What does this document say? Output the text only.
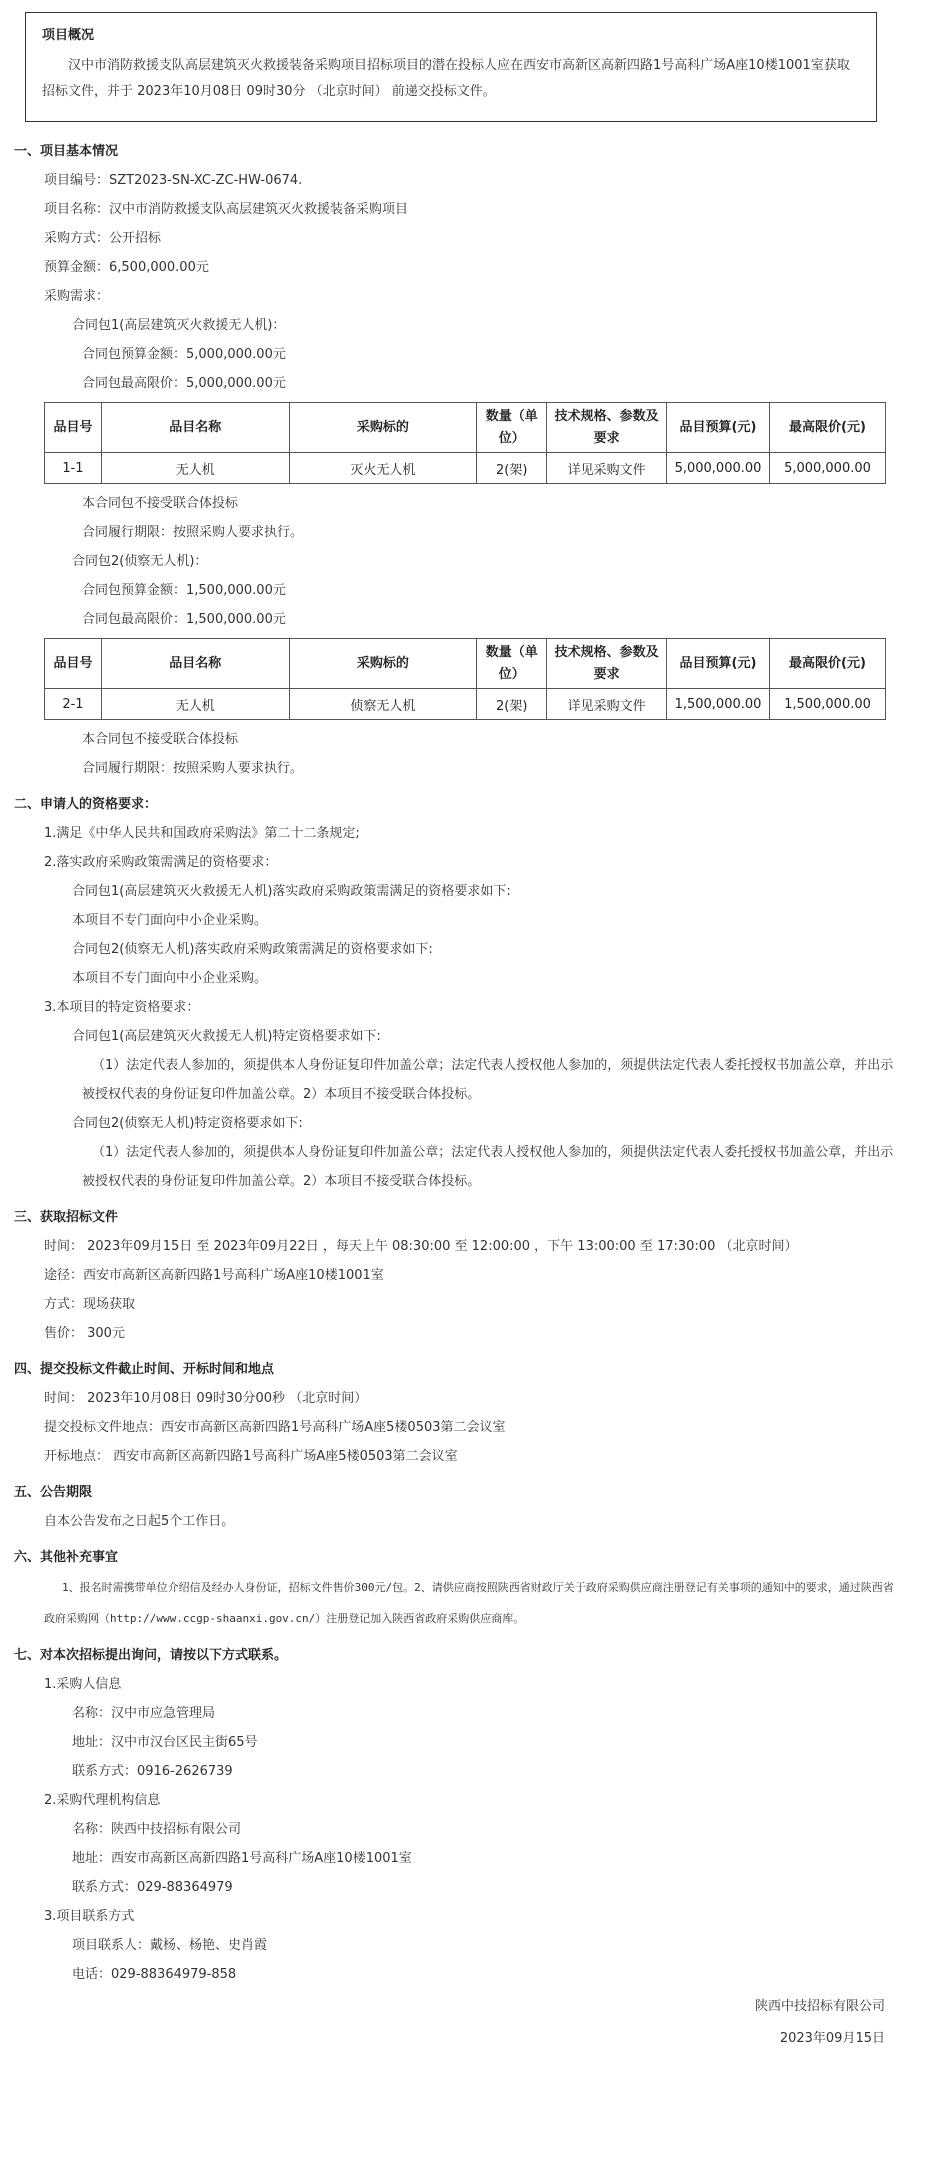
项目概况
汉中市消防救援支队高层建筑灭火救援装备采购项目招标项目的潜在投标人应在西安市高新区高新四路1号高科广场A座10楼1001室获取招标文件，并于 2023年10月08日 09时30分 （北京时间） 前递交投标文件。
一、项目基本情况
项目编号：SZT2023-SN-XC-ZC-HW-0674.
项目名称：汉中市消防救援支队高层建筑灭火救援装备采购项目
采购方式：公开招标
预算金额：6,500,000.00元
采购需求：
合同包1(高层建筑灭火救援无人机)：
合同包预算金额：5,000,000.00元
合同包最高限价：5,000,000.00元
品目号	品目名称	采购标的	数量（单位）	技术规格、参数及要求	品目预算(元)	最高限价(元)
1-1	无人机	灭火无人机	2(架)	详见采购文件	5,000,000.00	5,000,000.00
本合同包不接受联合体投标
合同履行期限：按照采购人要求执行。
合同包2(侦察无人机)：
合同包预算金额：1,500,000.00元
合同包最高限价：1,500,000.00元
品目号	品目名称	采购标的	数量（单位）	技术规格、参数及要求	品目预算(元)	最高限价(元)
2-1	无人机	侦察无人机	2(架)	详见采购文件	1,500,000.00	1,500,000.00
本合同包不接受联合体投标
合同履行期限：按照采购人要求执行。
二、申请人的资格要求：
1.满足《中华人民共和国政府采购法》第二十二条规定;
2.落实政府采购政策需满足的资格要求：
合同包1(高层建筑灭火救援无人机)落实政府采购政策需满足的资格要求如下:
本项目不专门面向中小企业采购。
合同包2(侦察无人机)落实政府采购政策需满足的资格要求如下:
本项目不专门面向中小企业采购。
3.本项目的特定资格要求：
合同包1(高层建筑灭火救援无人机)特定资格要求如下:
（1）法定代表人参加的，须提供本人身份证复印件加盖公章；法定代表人授权他人参加的，须提供法定代表人委托授权书加盖公章，并出示被授权代表的身份证复印件加盖公章。2）本项目不接受联合体投标。
合同包2(侦察无人机)特定资格要求如下:
（1）法定代表人参加的，须提供本人身份证复印件加盖公章；法定代表人授权他人参加的，须提供法定代表人委托授权书加盖公章，并出示被授权代表的身份证复印件加盖公章。2）本项目不接受联合体投标。
三、获取招标文件
时间： 2023年09月15日 至 2023年09月22日 ，每天上午 08:30:00 至 12:00:00 ，下午 13:00:00 至 17:30:00 （北京时间）
途径：西安市高新区高新四路1号高科广场A座10楼1001室
方式：现场获取
售价： 300元
四、提交投标文件截止时间、开标时间和地点
时间： 2023年10月08日 09时30分00秒 （北京时间）
提交投标文件地点：西安市高新区高新四路1号高科广场A座5楼0503第二会议室
开标地点： 西安市高新区高新四路1号高科广场A座5楼0503第二会议室
五、公告期限
自本公告发布之日起5个工作日。
六、其他补充事宜
1、报名时需携带单位介绍信及经办人身份证，招标文件售价300元/包。2、请供应商按照陕西省财政厅关于政府采购供应商注册登记有关事项的通知中的要求，通过陕西省政府采购网（http://www.ccgp-shaanxi.gov.cn/）注册登记加入陕西省政府采购供应商库。
七、对本次招标提出询问，请按以下方式联系。
1.采购人信息
名称：汉中市应急管理局
地址：汉中市汉台区民主街65号
联系方式：0916-2626739
2.采购代理机构信息
名称：陕西中技招标有限公司
地址：西安市高新区高新四路1号高科广场A座10楼1001室
联系方式：029-88364979
3.项目联系方式
项目联系人：戴杨、杨艳、史肖霞
电话：029-88364979-858
陕西中技招标有限公司
2023年09月15日
